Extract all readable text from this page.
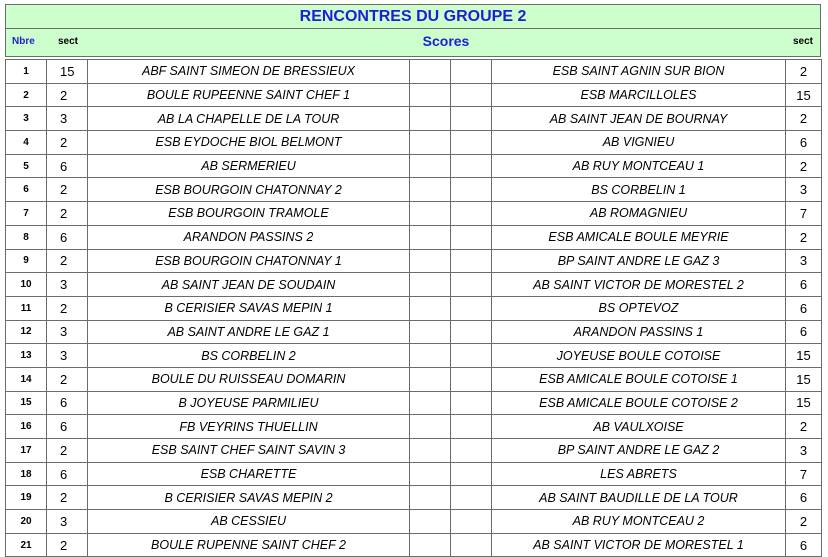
RENCONTRES DU GROUPE 2
Nbre sect	Scores	sect
1	15	ABF SAINT SIMEON DE BRESSIEUX			ESB SAINT AGNIN SUR BION	2
2	2	BOULE RUPEENNE SAINT CHEF 1			ESB MARCILLOLES	15
3	3	AB LA CHAPELLE DE LA TOUR			AB SAINT JEAN DE BOURNAY	2
4	2	ESB EYDOCHE BIOL BELMONT			AB VIGNIEU	6
5	6	AB SERMERIEU			AB RUY MONTCEAU 1	2
6	2	ESB BOURGOIN CHATONNAY 2			BS CORBELIN 1	3
7	2	ESB BOURGOIN TRAMOLE			AB ROMAGNIEU	7
8	6	ARANDON PASSINS 2			ESB AMICALE BOULE MEYRIE	2
9	2	ESB BOURGOIN CHATONNAY 1			BP SAINT ANDRE LE GAZ 3	3
10	3	AB SAINT JEAN DE SOUDAIN			AB SAINT VICTOR DE MORESTEL 2	6
11	2	B CERISIER SAVAS MEPIN 1			BS OPTEVOZ	6
12	3	AB SAINT ANDRE LE GAZ 1			ARANDON PASSINS 1	6
13	3	BS CORBELIN 2			JOYEUSE BOULE COTOISE	15
14	2	BOULE DU RUISSEAU DOMARIN			ESB AMICALE BOULE COTOISE 1	15
15	6	B JOYEUSE PARMILIEU			ESB AMICALE BOULE COTOISE 2	15
16	6	FB VEYRINS THUELLIN			AB VAULXOISE	2
17	2	ESB SAINT CHEF SAINT SAVIN 3			BP SAINT ANDRE LE GAZ 2	3
18	6	ESB CHARETTE			LES ABRETS	7
19	2	B CERISIER SAVAS MEPIN 2			AB SAINT BAUDILLE DE LA TOUR	6
20	3	AB CESSIEU			AB RUY MONTCEAU 2	2
21	2	BOULE RUPENNE SAINT CHEF 2			AB SAINT VICTOR DE MORESTEL 1	6
